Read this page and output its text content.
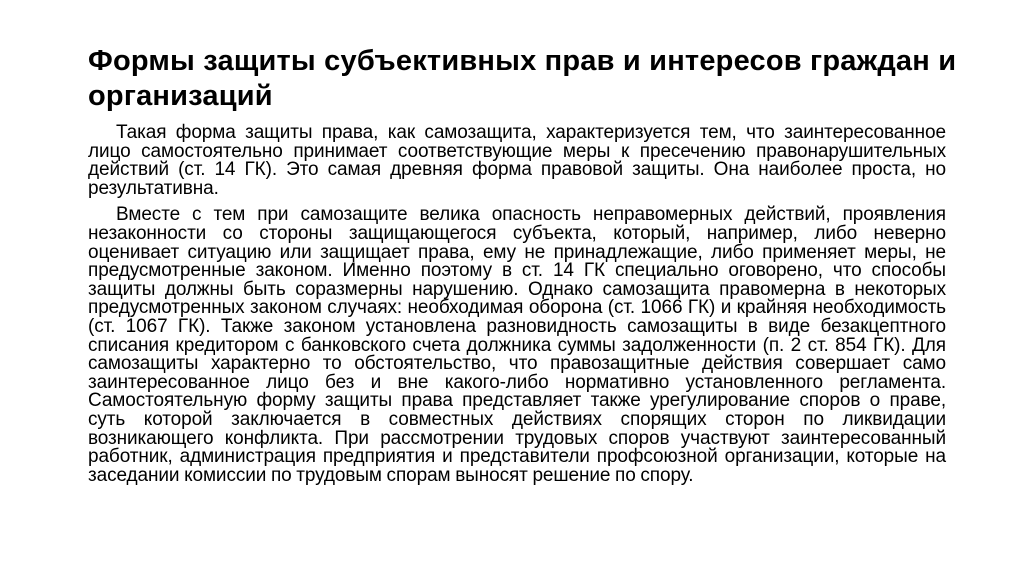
Формы защиты субъективных прав и интересов граждан и организаций

Такая форма защиты права, как самозащита, характеризуется тем, что заинтересованное лицо самостоятельно принимает соответствующие меры к пресечению правонарушительных действий (ст. 14 ГК). Это самая древняя форма правовой защиты. Она наиболее проста, но результативна.

Вместе с тем при самозащите велика опасность неправомерных действий, проявления незаконности со стороны защищающегося субъекта, который, например, либо неверно оценивает ситуацию или защищает права, ему не принадлежащие, либо применяет меры, не предусмотренные законом. Именно поэтому в ст. 14 ГК специально оговорено, что способы защиты должны быть соразмерны нарушению. Однако самозащита правомерна в некоторых предусмотренных законом случаях: необходимая оборона (ст. 1066 ГК) и крайняя необходимость (ст. 1067 ГК). Также законом установлена разновидность самозащиты в виде безакцептного списания кредитором с банковского счета должника суммы задолженности (п. 2 ст. 854 ГК). Для самозащиты характерно то обстоятельство, что правозащитные действия совершает само заинтересованное лицо без и вне какого-либо нормативно установленного регламента. Самостоятельную форму защиты права представляет также урегулирование споров о праве, суть которой заключается в совместных действиях спорящих сторон по ликвидации возникающего конфликта. При рассмотрении трудовых споров участвуют заинтересованный работник, администрация предприятия и представители профсоюзной организации, которые на заседании комиссии по трудовым спорам выносят решение по спору.
